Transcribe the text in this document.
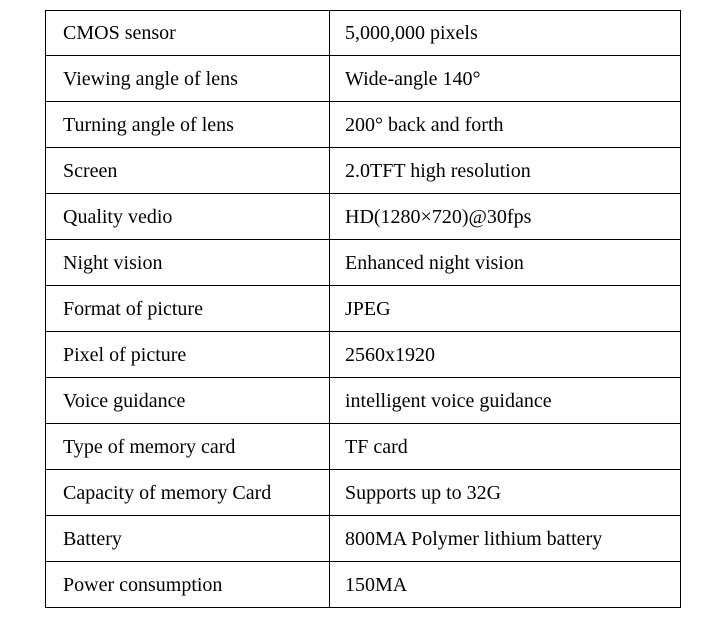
CMOS sensor	5,000,000 pixels
Viewing angle of lens	Wide-angle 140°
Turning angle of lens	200° back and forth
Screen	2.0TFT high resolution
Quality vedio	HD(1280×720)@30fps
Night vision	Enhanced night vision
Format of picture	JPEG
Pixel of picture	2560x1920
Voice guidance	intelligent voice guidance
Type of memory card	TF card
Capacity of memory Card	Supports up to 32G
Battery	800MA Polymer lithium battery
Power consumption	150MA
